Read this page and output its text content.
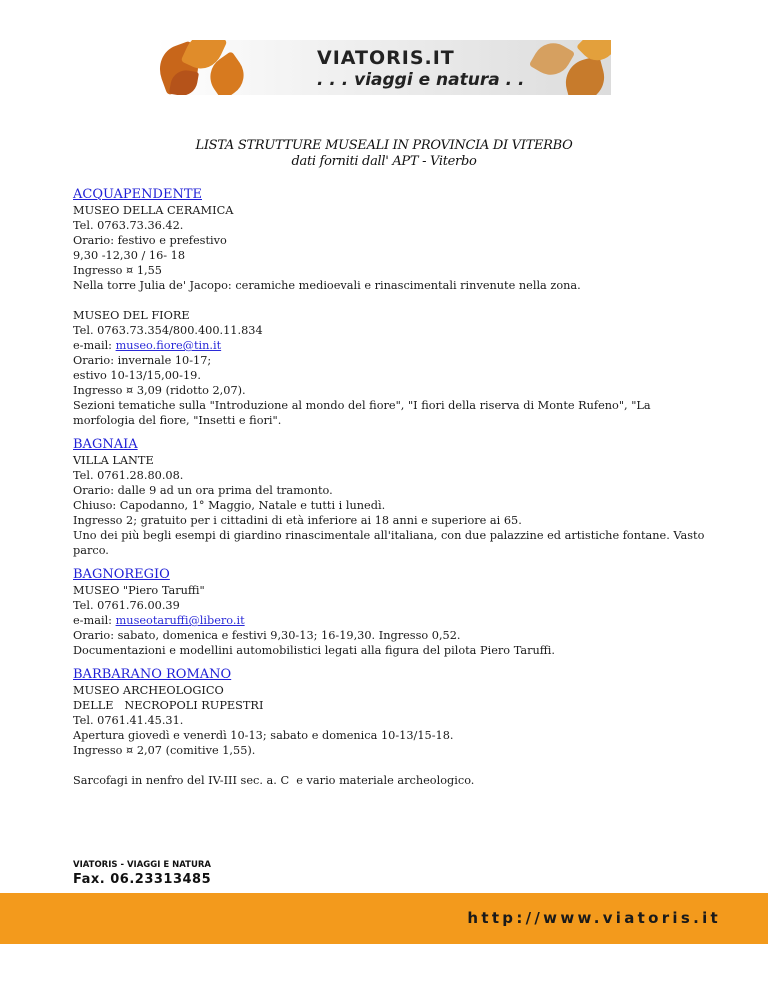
VIATORIS.IT
. . . viaggi e natura . .
LISTA STRUTTURE MUSEALI IN PROVINCIA DI VITERBO
dati forniti dall' APT - Viterbo
ACQUAPENDENTE
MUSEO DELLA CERAMICA
Tel. 0763.73.36.42.
Orario: festivo e prefestivo
9,30 -12,30 / 16- 18
Ingresso ¤ 1,55
Nella torre Julia de' Jacopo: ceramiche medioevali e rinascimentali rinvenute nella zona.
MUSEO DEL FIORE
Tel. 0763.73.354/800.400.11.834
e-mail: museo.fiore@tin.it
Orario: invernale 10-17;
estivo 10-13/15,00-19.
Ingresso ¤ 3,09 (ridotto 2,07).
Sezioni tematiche sulla "Introduzione al mondo del fiore", "I fiori della riserva di Monte Rufeno", "La morfologia del fiore, "Insetti e fiori".
BAGNAIA
VILLA LANTE
Tel. 0761.28.80.08.
Orario: dalle 9 ad un ora prima del tramonto.
Chiuso: Capodanno, 1° Maggio, Natale e tutti i lunedì.
Ingresso 2; gratuito per i cittadini di età inferiore ai 18 anni e superiore ai 65.
Uno dei più begli esempi di giardino rinascimentale all'italiana, con due palazzine ed artistiche fontane. Vasto parco.
BAGNOREGIO
MUSEO "Piero Taruffi"
Tel. 0761.76.00.39
e-mail: museotaruffi@libero.it
Orario: sabato, domenica e festivi 9,30-13; 16-19,30. Ingresso 0,52.
Documentazioni e modellini automobilistici legati alla figura del pilota Piero Taruffi.
BARBARANO ROMANO
MUSEO ARCHEOLOGICO
DELLE   NECROPOLI RUPESTRI
Tel. 0761.41.45.31.
Apertura giovedì e venerdì 10-13; sabato e domenica 10-13/15-18.
Ingresso ¤ 2,07 (comitive 1,55).
Sarcofagi in nenfro del IV-III sec. a. C  e vario materiale archeologico.
VIATORIS - VIAGGI E NATURA
Fax. 06.23313485
http://www.viatoris.it
